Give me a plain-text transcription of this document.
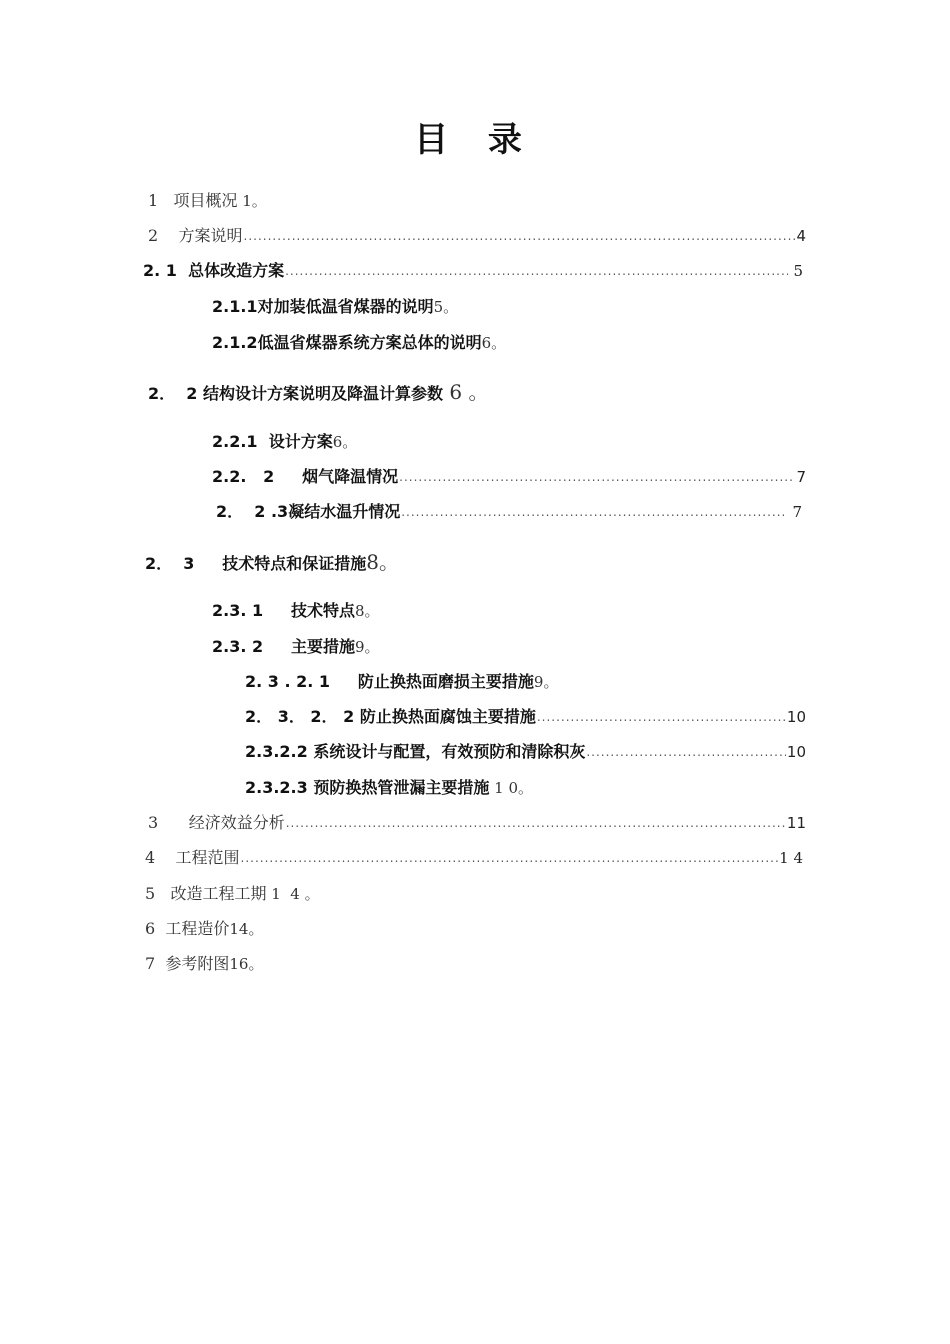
目 录
1 项目概况 1。
2 方案说明 .....	4
2. 1 总体改造方案 .....	5
2.1.1 对加装低温省煤器的说明 5。
2.1.2 低温省煤器系统方案总体的说明 6。
2．  2 结构设计方案说明及降温计算参数 6 。
2.2.1 设计方案 6。
2.2.   2 烟气降温情况 .....	7
2．  2 .3 凝结水温升情况 .....	7
2．  3 技术特点和保证措施 8。
2.3. 1 技术特点 8。
2.3. 2 主要措施 9。
2. 3 . 2. 1 防止换热面磨损主要措施 9。
2． 3． 2． 2 防止换热面腐蚀主要措施 .....	10
2.3.2.2 系统设计与配置，有效预防和清除积灰 .....	10
2.3.2.3 预防换热管泄漏主要措施 1 0。
3 经济效益分析 .....	11
4 工程范围 .....	1 4
5 改造工程工期 1  4 。
6 工程造价 14。
7 参考附图 16。
